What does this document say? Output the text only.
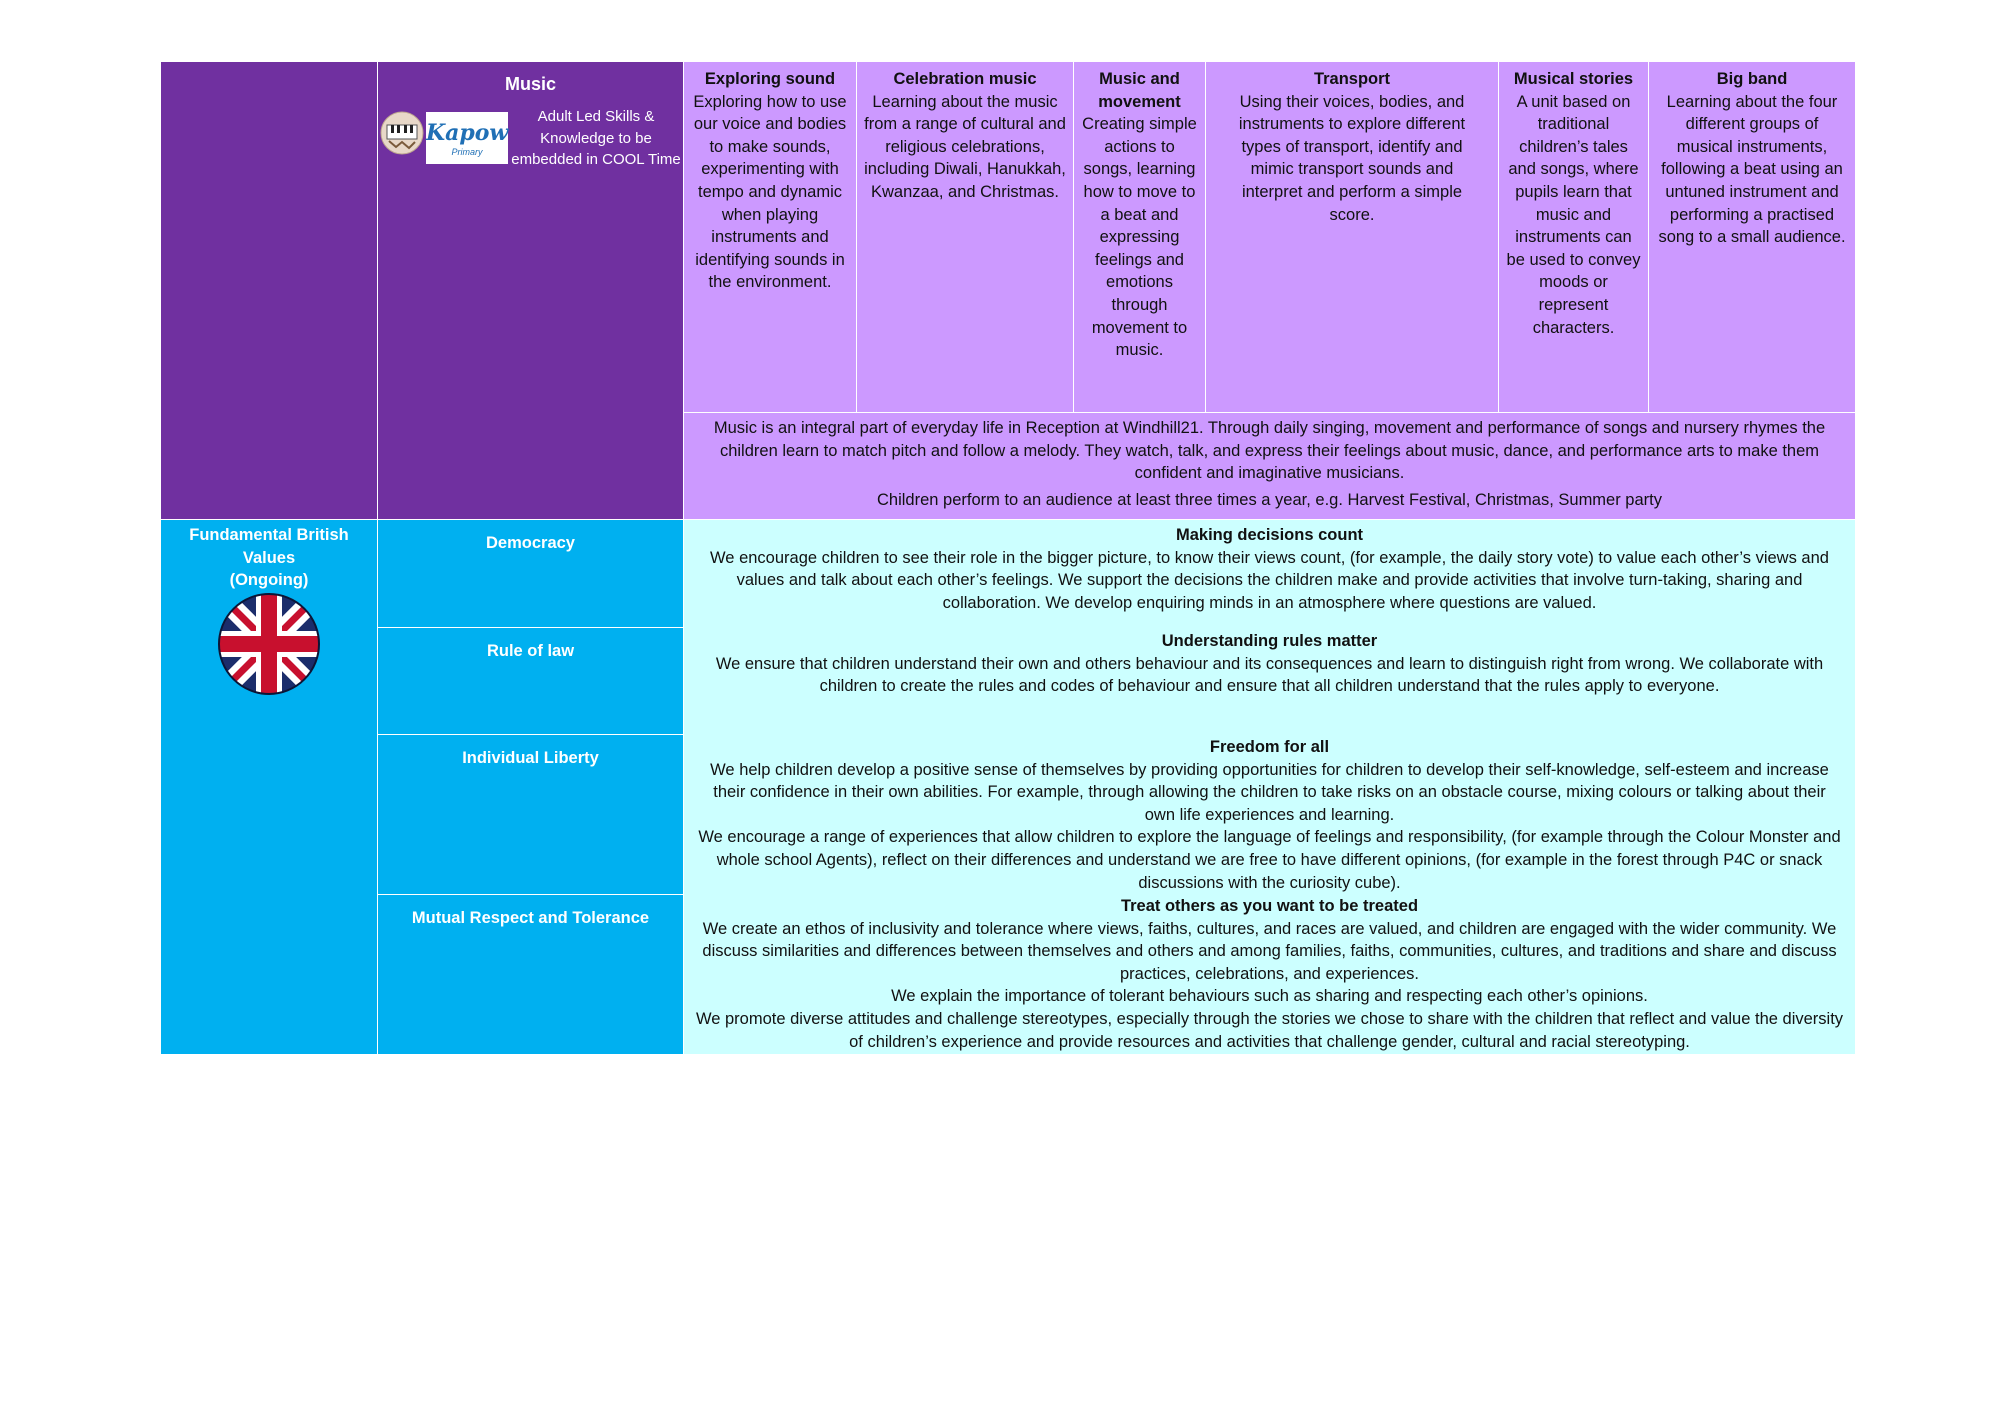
Music
Kapow
Primary
Adult Led Skills & Knowledge to be embedded in COOL Time
Exploring sound
Exploring how to use our voice and bodies to make sounds, experimenting with tempo and dynamic when playing instruments and identifying sounds in the environment.
Celebration music
Learning about the music from a range of cultural and religious celebrations, including Diwali, Hanukkah, Kwanzaa, and Christmas.
Music and movement
Creating simple actions to songs, learning how to move to a beat and expressing feelings and emotions through movement to music.
Transport
Using their voices, bodies, and instruments to explore different types of transport, identify and mimic transport sounds and interpret and perform a simple score.
Musical stories
A unit based on traditional children’s tales and songs, where pupils learn that music and instruments can be used to convey moods or represent characters.
Big band
Learning about the four different groups of musical instruments, following a beat using an untuned instrument and performing a practised song to a small audience.
Music is an integral part of everyday life in Reception at Windhill21. Through daily singing, movement and performance of songs and nursery rhymes the children learn to match pitch and follow a melody. They watch, talk, and express their feelings about music, dance, and performance arts to make them confident and imaginative musicians.
Children perform to an audience at least three times a year, e.g. Harvest Festival, Christmas, Summer party
Fundamental British
Values
(Ongoing)
Democracy
Rule of law
Individual Liberty
Mutual Respect and Tolerance
Making decisions count
We encourage children to see their role in the bigger picture, to know their views count, (for example, the daily story vote) to value each other’s views and values and talk about each other’s feelings. We support the decisions the children make and provide activities that involve turn-taking, sharing and collaboration. We develop enquiring minds in an atmosphere where questions are valued.
Understanding rules matter
We ensure that children understand their own and others behaviour and its consequences and learn to distinguish right from wrong. We collaborate with children to create the rules and codes of behaviour and ensure that all children understand that the rules apply to everyone.
Freedom for all
We help children develop a positive sense of themselves by providing opportunities for children to develop their self-knowledge, self-esteem and increase their confidence in their own abilities. For example, through allowing the children to take risks on an obstacle course, mixing colours or talking about their own life experiences and learning.
We encourage a range of experiences that allow children to explore the language of feelings and responsibility, (for example through the Colour Monster and whole school Agents), reflect on their differences and understand we are free to have different opinions, (for example in the forest through P4C or snack discussions with the curiosity cube).
Treat others as you want to be treated
We create an ethos of inclusivity and tolerance where views, faiths, cultures, and races are valued, and children are engaged with the wider community. We discuss similarities and differences between themselves and others and among families, faiths, communities, cultures, and traditions and share and discuss practices, celebrations, and experiences.
We explain the importance of tolerant behaviours such as sharing and respecting each other’s opinions.
We promote diverse attitudes and challenge stereotypes, especially through the stories we chose to share with the children that reflect and value the diversity of children’s experience and provide resources and activities that challenge gender, cultural and racial stereotyping.
